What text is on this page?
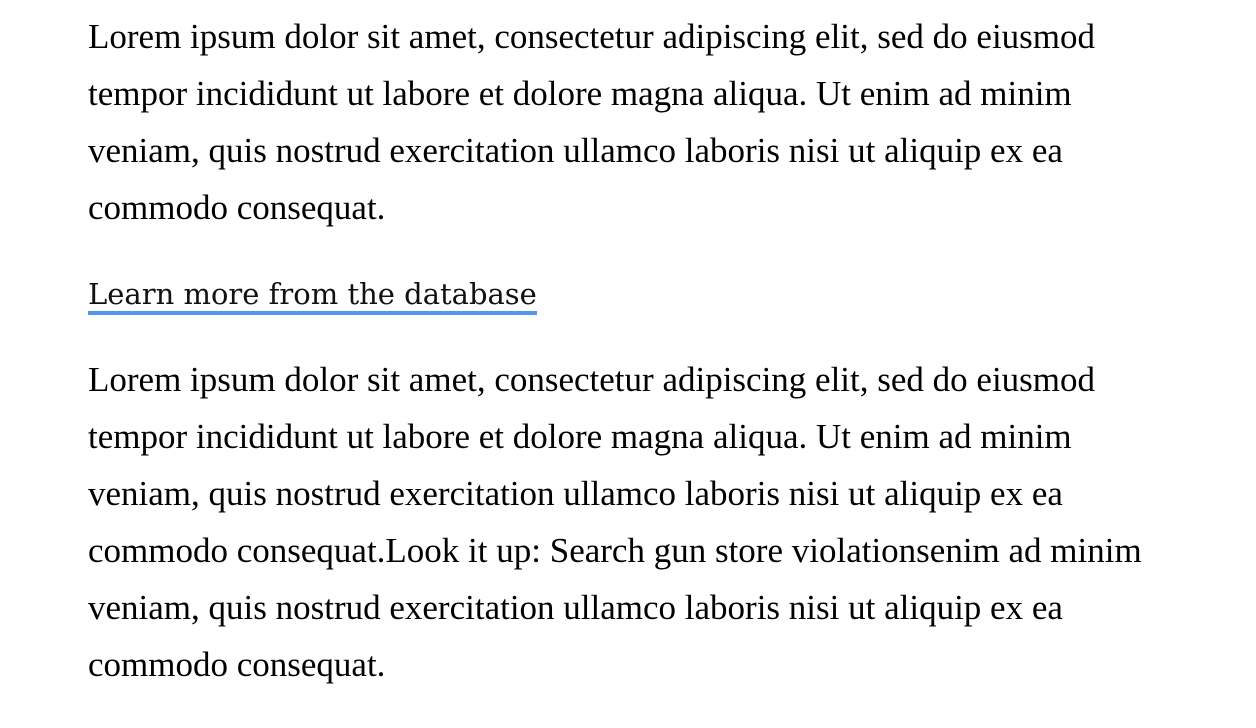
Lorem ipsum dolor sit amet, consectetur adipiscing elit, sed do eiusmod tempor incididunt ut labore et dolore magna aliqua. Ut enim ad minim veniam, quis nostrud exercitation ullamco laboris nisi ut aliquip ex ea commodo consequat.

Learn more from the database

Lorem ipsum dolor sit amet, consectetur adipiscing elit, sed do eiusmod tempor incididunt ut labore et dolore magna aliqua. Ut enim ad minim veniam, quis nostrud exercitation ullamco laboris nisi ut aliquip ex ea commodo consequat.Look it up: Search gun store violationsenim ad minim veniam, quis nostrud exercitation ullamco laboris nisi ut aliquip ex ea commodo consequat.
